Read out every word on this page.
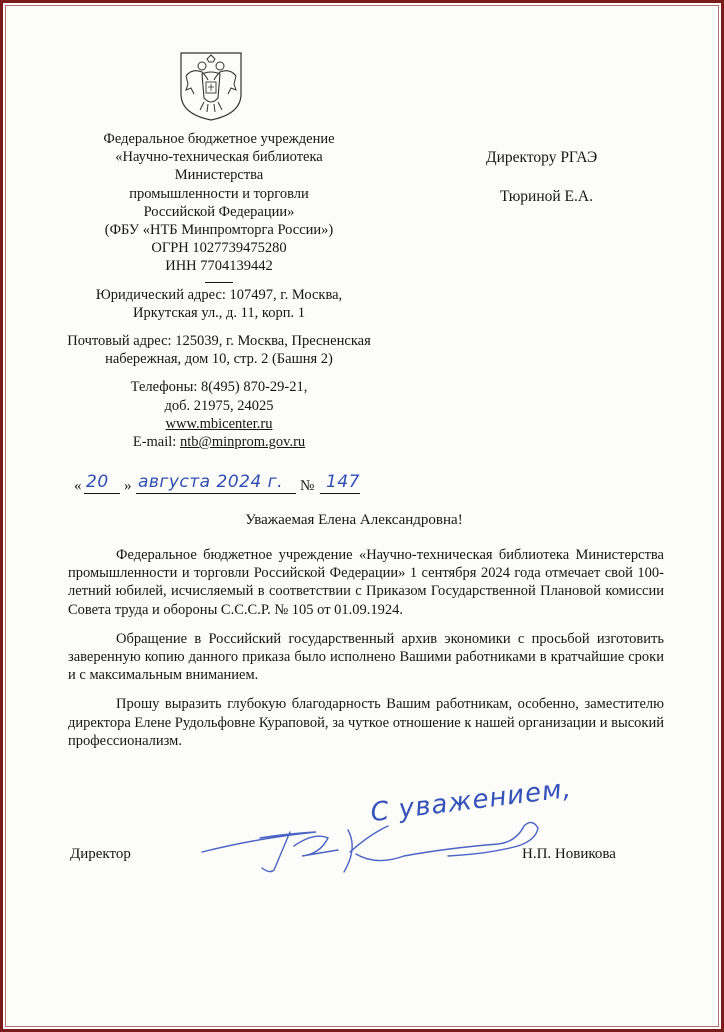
Федеральное бюджетное учреждение
«Научно-техническая библиотека
Министерства
промышленности и торговли
Российской Федерации»
(ФБУ «НТБ Минпромторга России»)
ОГРН 1027739475280
ИНН 7704139442
Юридический адрес: 107497, г. Москва,
Иркутская ул., д. 11, корп. 1
Почтовый адрес: 125039, г. Москва, Пресненская
набережная, дом 10, стр. 2 (Башня 2)
Телефоны: 8(495) 870-29-21,
доб. 21975, 24025
www.mbicenter.ru
E-mail: ntb@minprom.gov.ru
Директору РГАЭ
Тюриной Е.А.
« 20 » августа 2024 г. № 147
Уважаемая Елена Александровна!

Федеральное бюджетное учреждение «Научно-техническая библиотека Министерства промышленности и торговли Российской Федерации» 1 сентября 2024 года отмечает свой 100-летний юбилей, исчисляемый в соответствии с Приказом Государственной Плановой комиссии Совета труда и обороны С.С.С.Р. № 105 от 01.09.1924.

Обращение в Российский государственный архив экономики с просьбой изготовить заверенную копию данного приказа было исполнено Вашими работниками в кратчайшие сроки и с максимальным вниманием.

Прошу выразить глубокую благодарность Вашим работникам, особенно, заместителю директора Елене Рудольфовне Кураповой, за чуткое отношение к нашей организации и высокий профессионализм.

С уважением,
Директор	Н.П. Новикова
